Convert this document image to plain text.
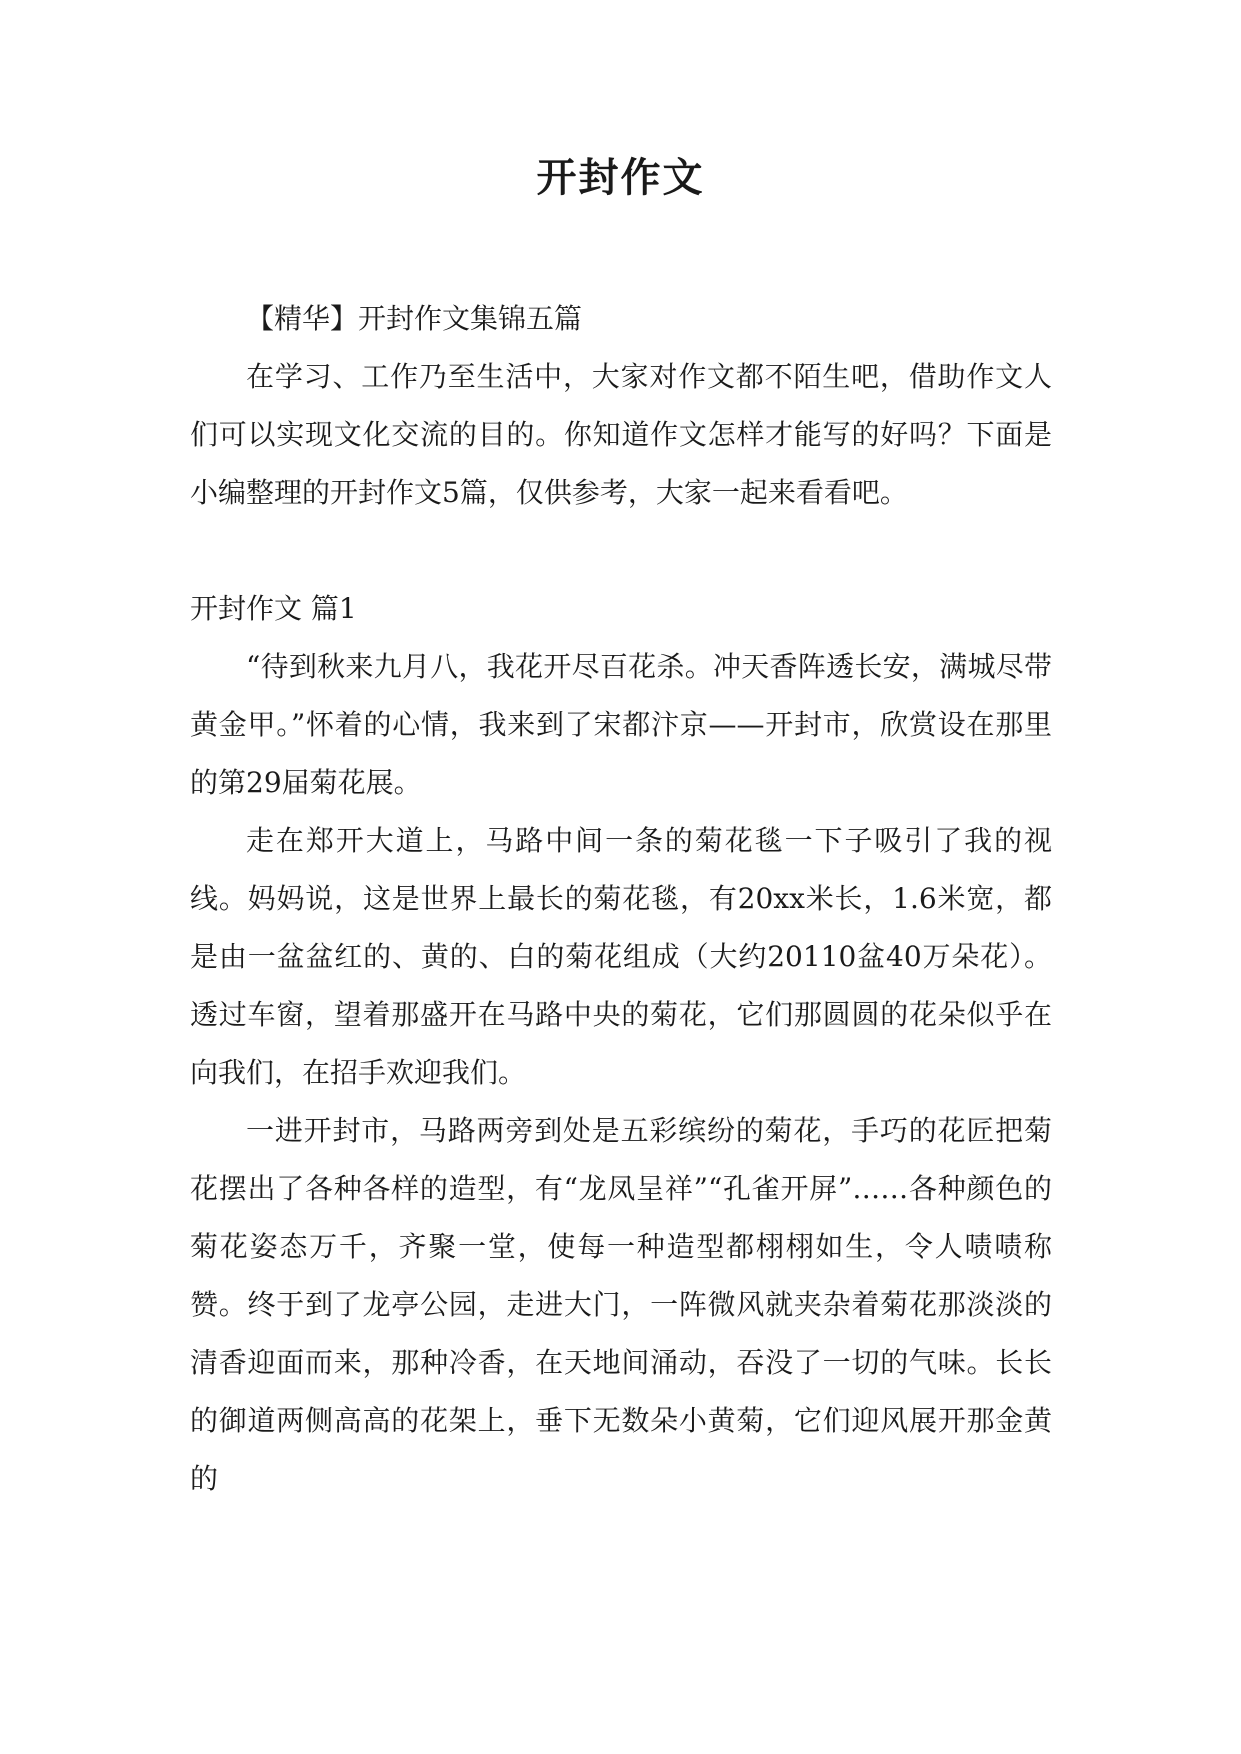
开封作文

【精华】开封作文集锦五篇

在学习、工作乃至生活中，大家对作文都不陌生吧，借助作文人们可以实现文化交流的目的。你知道作文怎样才能写的好吗？下面是小编整理的开封作文5篇，仅供参考，大家一起来看看吧。

开封作文 篇1

“待到秋来九月八，我花开尽百花杀。冲天香阵透长安，满城尽带黄金甲。”怀着的心情，我来到了宋都汴京——开封市，欣赏设在那里的第29届菊花展。

走在郑开大道上，马路中间一条的菊花毯一下子吸引了我的视线。妈妈说，这是世界上最长的菊花毯，有20xx米长，1.6米宽，都是由一盆盆红的、黄的、白的菊花组成（大约20110盆40万朵花）。透过车窗，望着那盛开在马路中央的菊花，它们那圆圆的花朵似乎在向我们，在招手欢迎我们。

一进开封市，马路两旁到处是五彩缤纷的菊花，手巧的花匠把菊花摆出了各种各样的造型，有“龙凤呈祥”“孔雀开屏”……各种颜色的菊花姿态万千，齐聚一堂，使每一种造型都栩栩如生，令人啧啧称赞。终于到了龙亭公园，走进大门，一阵微风就夹杂着菊花那淡淡的清香迎面而来，那种冷香，在天地间涌动，吞没了一切的气味。长长的御道两侧高高的花架上，垂下无数朵小黄菊，它们迎风展开那金黄的
